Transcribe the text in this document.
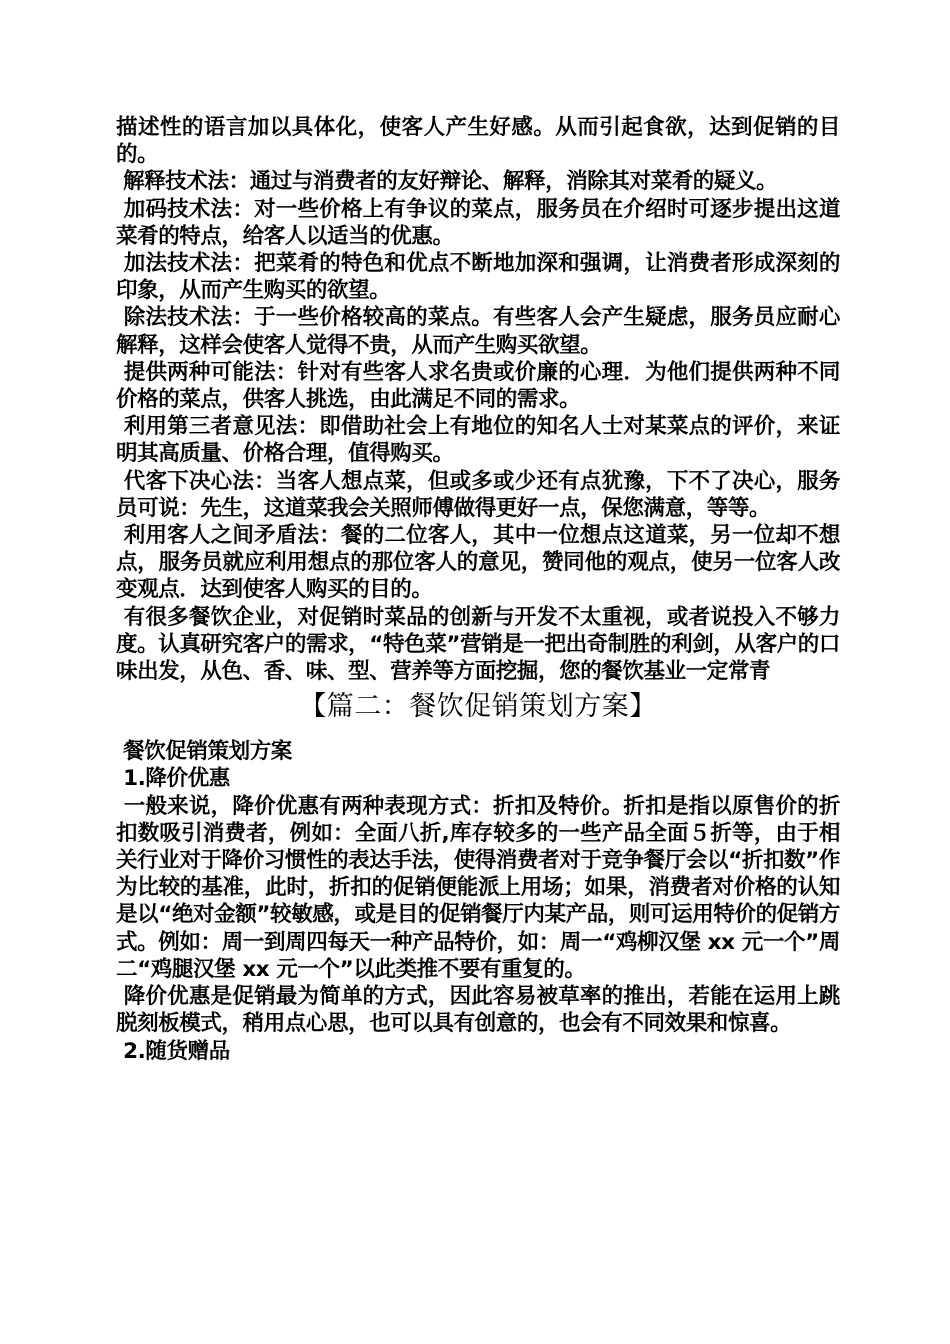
描述性的语言加以具体化，使客人产生好感。从而引起食欲，达到促销的目的。

解释技术法：通过与消费者的友好辩论、解释，消除其对菜肴的疑义。

加码技术法：对一些价格上有争议的菜点，服务员在介绍时可逐步提出这道菜肴的特点，给客人以适当的优惠。

加法技术法：把菜肴的特色和优点不断地加深和强调，让消费者形成深刻的印象，从而产生购买的欲望。

除法技术法：于一些价格较高的菜点。有些客人会产生疑虑，服务员应耐心解释，这样会使客人觉得不贵，从而产生购买欲望。

提供两种可能法：针对有些客人求名贵或价廉的心理．为他们提供两种不同价格的菜点，供客人挑选，由此满足不同的需求。

利用第三者意见法：即借助社会上有地位的知名人士对某菜点的评价，来证明其高质量、价格合理，值得购买。

代客下决心法：当客人想点菜，但或多或少还有点犹豫，下不了决心，服务员可说：先生，这道菜我会关照师傅做得更好一点，保您满意，等等。

利用客人之间矛盾法：餐的二位客人，其中一位想点这道菜，另一位却不想点，服务员就应利用想点的那位客人的意见，赞同他的观点，使另一位客人改变观点．达到使客人购买的目的。

有很多餐饮企业，对促销时菜品的创新与开发不太重视，或者说投入不够力度。认真研究客户的需求，“特色菜”营销是一把出奇制胜的利剑，从客户的口味出发，从色、香、味、型、营养等方面挖掘，您的餐饮基业一定常青

【篇二：餐饮促销策划方案】

餐饮促销策划方案

1.降价优惠

一般来说，降价优惠有两种表现方式：折扣及特价。折扣是指以原售价的折扣数吸引消费者，例如：全面八折,库存较多的一些产品全面５折等，由于相关行业对于降价习惯性的表达手法，使得消费者对于竞争餐厅会以“折扣数”作为比较的基准，此时，折扣的促销便能派上用场；如果，消费者对价格的认知是以“绝对金额”较敏感，或是目的促销餐厅内某产品，则可运用特价的促销方式。例如：周一到周四每天一种产品特价，如：周一“鸡柳汉堡 xx 元一个”周二“鸡腿汉堡 xx 元一个”以此类推不要有重复的。

降价优惠是促销最为简单的方式，因此容易被草率的推出，若能在运用上跳脱刻板模式，稍用点心思，也可以具有创意的，也会有不同效果和惊喜。

2.随货赠品
